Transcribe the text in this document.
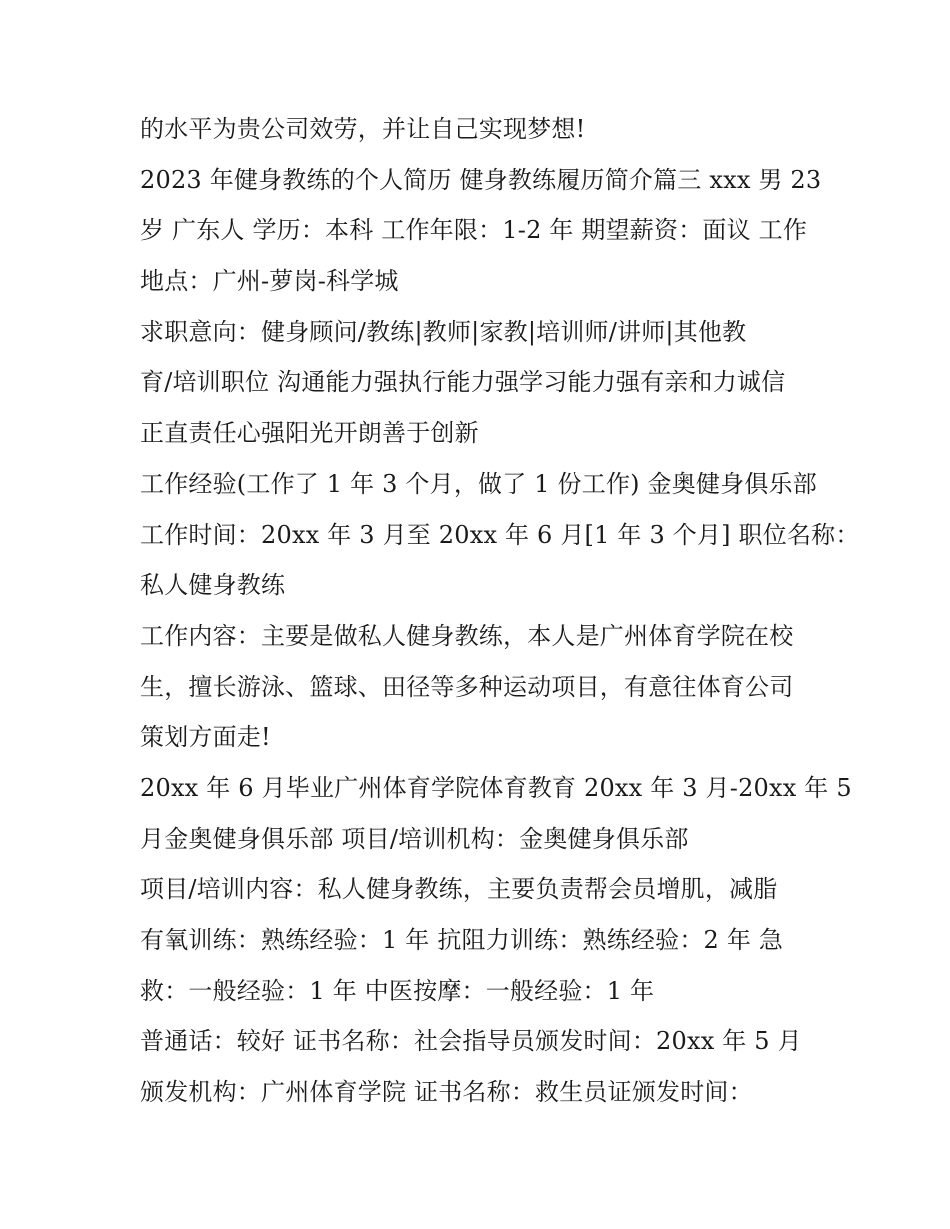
的水平为贵公司效劳，并让自己实现梦想!
2023 年健身教练的个人简历 健身教练履历简介篇三 xxx 男 23
岁 广东人 学历：本科 工作年限：1-2 年 期望薪资：面议 工作
地点：广州-萝岗-科学城
求职意向：健身顾问/教练|教师|家教|培训师/讲师|其他教
育/培训职位 沟通能力强执行能力强学习能力强有亲和力诚信
正直责任心强阳光开朗善于创新
工作经验(工作了 1 年 3 个月，做了 1 份工作) 金奥健身俱乐部
工作时间：20xx 年 3 月至 20xx 年 6 月[1 年 3 个月] 职位名称：
私人健身教练
工作内容：主要是做私人健身教练，本人是广州体育学院在校
生，擅长游泳、篮球、田径等多种运动项目，有意往体育公司
策划方面走!
20xx 年 6 月毕业广州体育学院体育教育 20xx 年 3 月-20xx 年 5
月金奥健身俱乐部 项目/培训机构：金奥健身俱乐部
项目/培训内容：私人健身教练，主要负责帮会员增肌，减脂
有氧训练：熟练经验：1 年 抗阻力训练：熟练经验：2 年 急
救：一般经验：1 年 中医按摩：一般经验：1 年
普通话：较好 证书名称：社会指导员颁发时间：20xx 年 5 月
颁发机构：广州体育学院 证书名称：救生员证颁发时间：
